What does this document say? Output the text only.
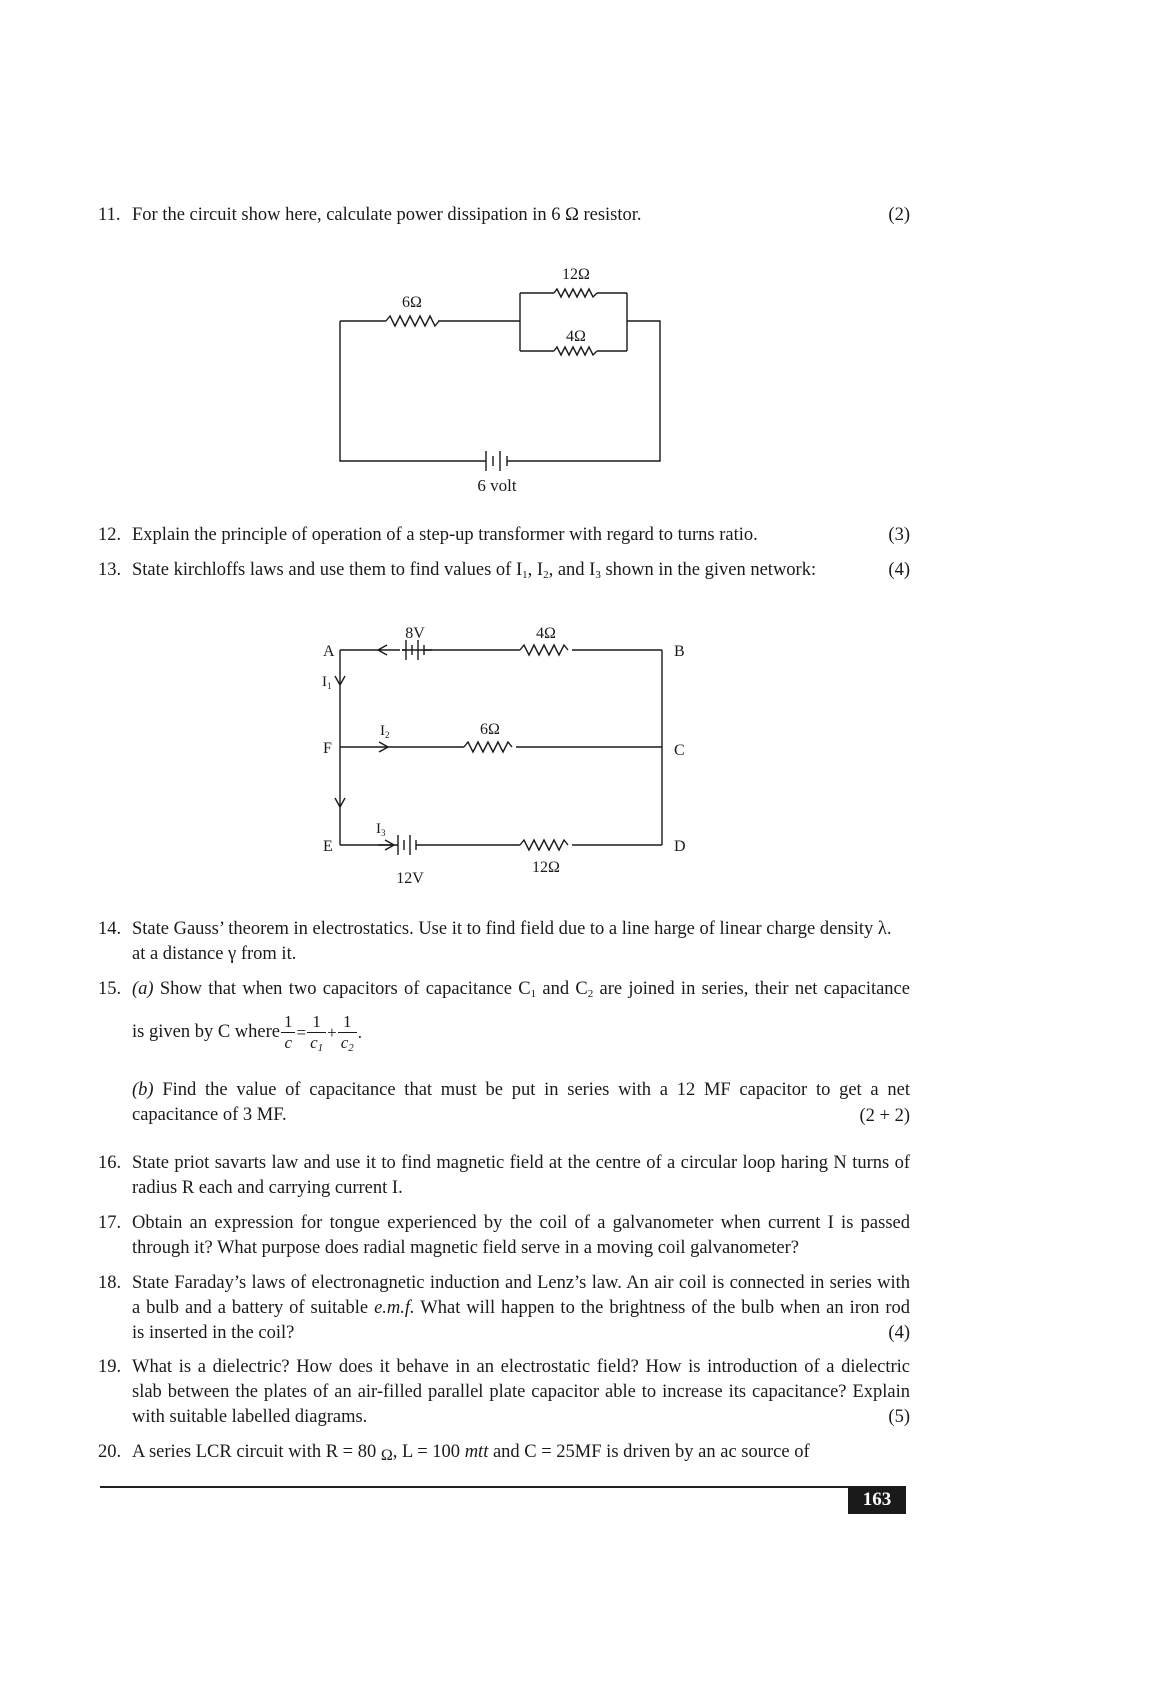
11. For the circuit show here, calculate power dissipation in 6 Ω resistor.	(2)
6Ω
12Ω
4Ω
6 volt
12. Explain the principle of operation of a step-up transformer with regard to turns ratio.	(3)
13. State kirchloffs laws and use them to find values of $I_1$, $I_2$, and $I_3$ shown in the given network:	(4)
8V	4Ω
6Ω
12Ω
12V
A	B
F	C
E	D
$I_1$
$I_2$
$I_3$
14. State Gauss’ theorem in electrostatics. Use it to find field due to a line harge of linear charge density λ.
at a distance γ from it.
15. (a) Show that when two capacitors of capacitance $C_1$ and $C_2$ are joined in series, their net capacitance
is given by C where $\frac{1}{c} = \frac{1}{c_1} + \frac{1}{c_2}$ .
(b) Find the value of capacitance that must be put in series with a 12 MF capacitor to get a net
capacitance of 3 MF.	(2 + 2)
16. State priot savarts law and use it to find magnetic field at the centre of a circular loop haring N turns of
radius R each and carrying current I.
17. Obtain an expression for tongue experienced by the coil of a galvanometer when current I is passed
through it? What purpose does radial magnetic field serve in a moving coil galvanometer?
18. State Faraday’s laws of electronagnetic induction and Lenz’s law. An air coil is connected in series with
a bulb and a battery of suitable e.m.f. What will happen to the brightness of the bulb when an iron rod
is inserted in the coil?	(4)
19. What is a dielectric? How does it behave in an electrostatic field? How is introduction of a dielectric
slab between the plates of an air-filled parallel plate capacitor able to increase its capacitance? Explain
with suitable labelled diagrams.	(5)
20. A series LCR circuit with R = 80 Ω, L = 100 mtt and C = 25MF is driven by an ac source of
163
